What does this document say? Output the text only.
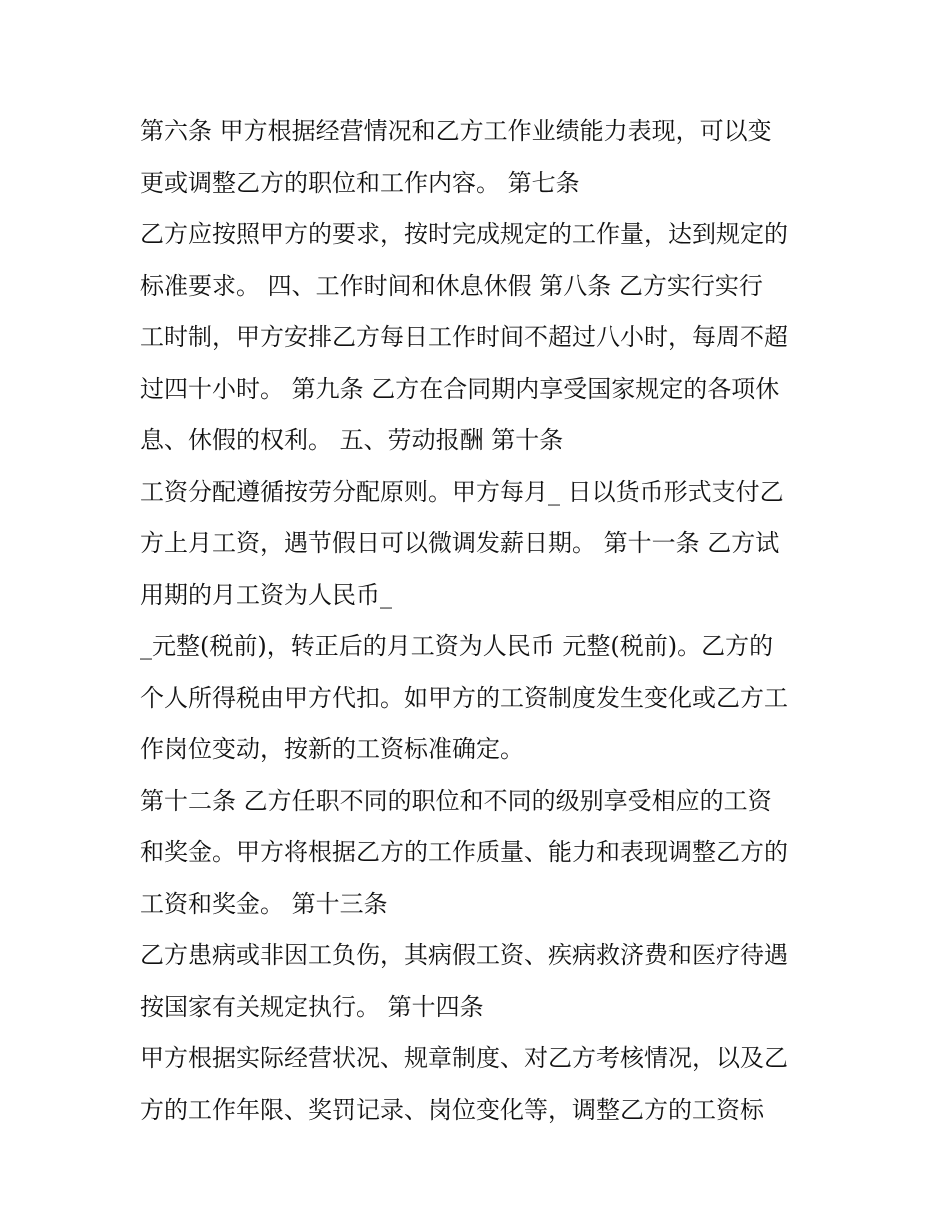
第六条 甲方根据经营情况和乙方工作业绩能力表现，可以变
更或调整乙方的职位和工作内容。 第七条
乙方应按照甲方的要求，按时完成规定的工作量，达到规定的
标准要求。 四、工作时间和休息休假 第八条 乙方实行实行
工时制，甲方安排乙方每日工作时间不超过八小时，每周不超
过四十小时。 第九条 乙方在合同期内享受国家规定的各项休
息、休假的权利。 五、劳动报酬 第十条
工资分配遵循按劳分配原则。甲方每月_ 日以货币形式支付乙
方上月工资，遇节假日可以微调发薪日期。 第十一条 乙方试
用期的月工资为人民币_
_元整(税前)，转正后的月工资为人民币 元整(税前)。乙方的
个人所得税由甲方代扣。如甲方的工资制度发生变化或乙方工
作岗位变动，按新的工资标准确定。
第十二条 乙方任职不同的职位和不同的级别享受相应的工资
和奖金。甲方将根据乙方的工作质量、能力和表现调整乙方的
工资和奖金。 第十三条
乙方患病或非因工负伤，其病假工资、疾病救济费和医疗待遇
按国家有关规定执行。 第十四条
甲方根据实际经营状况、规章制度、对乙方考核情况，以及乙
方的工作年限、奖罚记录、岗位变化等，调整乙方的工资标
